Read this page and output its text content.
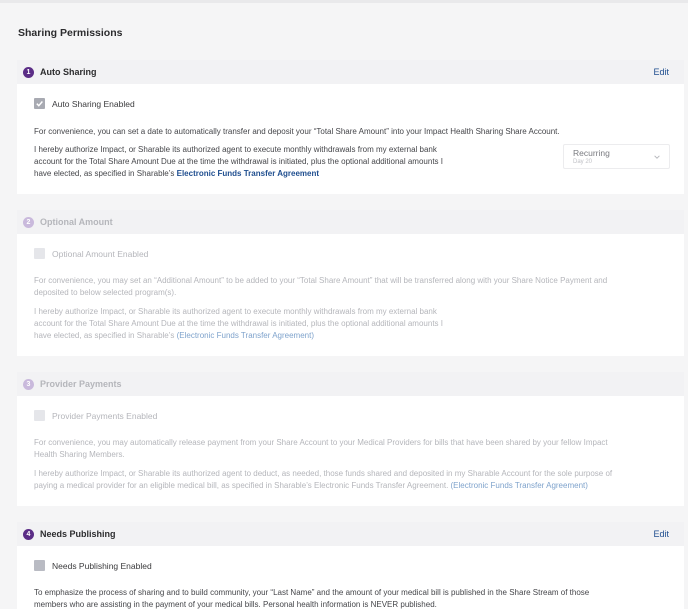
Sharing Permissions
1	Auto Sharing	Edit
Auto Sharing Enabled
For convenience, you can set a date to automatically transfer and deposit your “Total Share Amount” into your Impact Health Sharing Share Account.
I hereby authorize Impact, or Sharable its authorized agent to execute monthly withdrawals from my external bank
account for the Total Share Amount Due at the time the withdrawal is initiated, plus the optional additional amounts I
have elected, as specified in Sharable’s Electronic Funds Transfer Agreement
Recurring
Day 20
2	Optional Amount
Optional Amount Enabled
For convenience, you may set an “Additional Amount” to be added to your “Total Share Amount” that will be transferred along with your Share Notice Payment and
deposited to below selected program(s).
I hereby authorize Impact, or Sharable its authorized agent to execute monthly withdrawals from my external bank
account for the Total Share Amount Due at the time the withdrawal is initiated, plus the optional additional amounts I
have elected, as specified in Sharable’s (Electronic Funds Transfer Agreement)
3	Provider Payments
Provider Payments Enabled
For convenience, you may automatically release payment from your Share Account to your Medical Providers for bills that have been shared by your fellow Impact
Health Sharing Members.
I hereby authorize Impact, or Sharable its authorized agent to deduct, as needed, those funds shared and deposited in my Sharable Account for the sole purpose of
paying a medical provider for an eligible medical bill, as specified in Sharable’s Electronic Funds Transfer Agreement. (Electronic Funds Transfer Agreement)
4	Needs Publishing	Edit
Needs Publishing Enabled
To emphasize the process of sharing and to build community, your “Last Name” and the amount of your medical bill is published in the Share Stream of those
members who are assisting in the payment of your medical bills. Personal health information is NEVER published.
